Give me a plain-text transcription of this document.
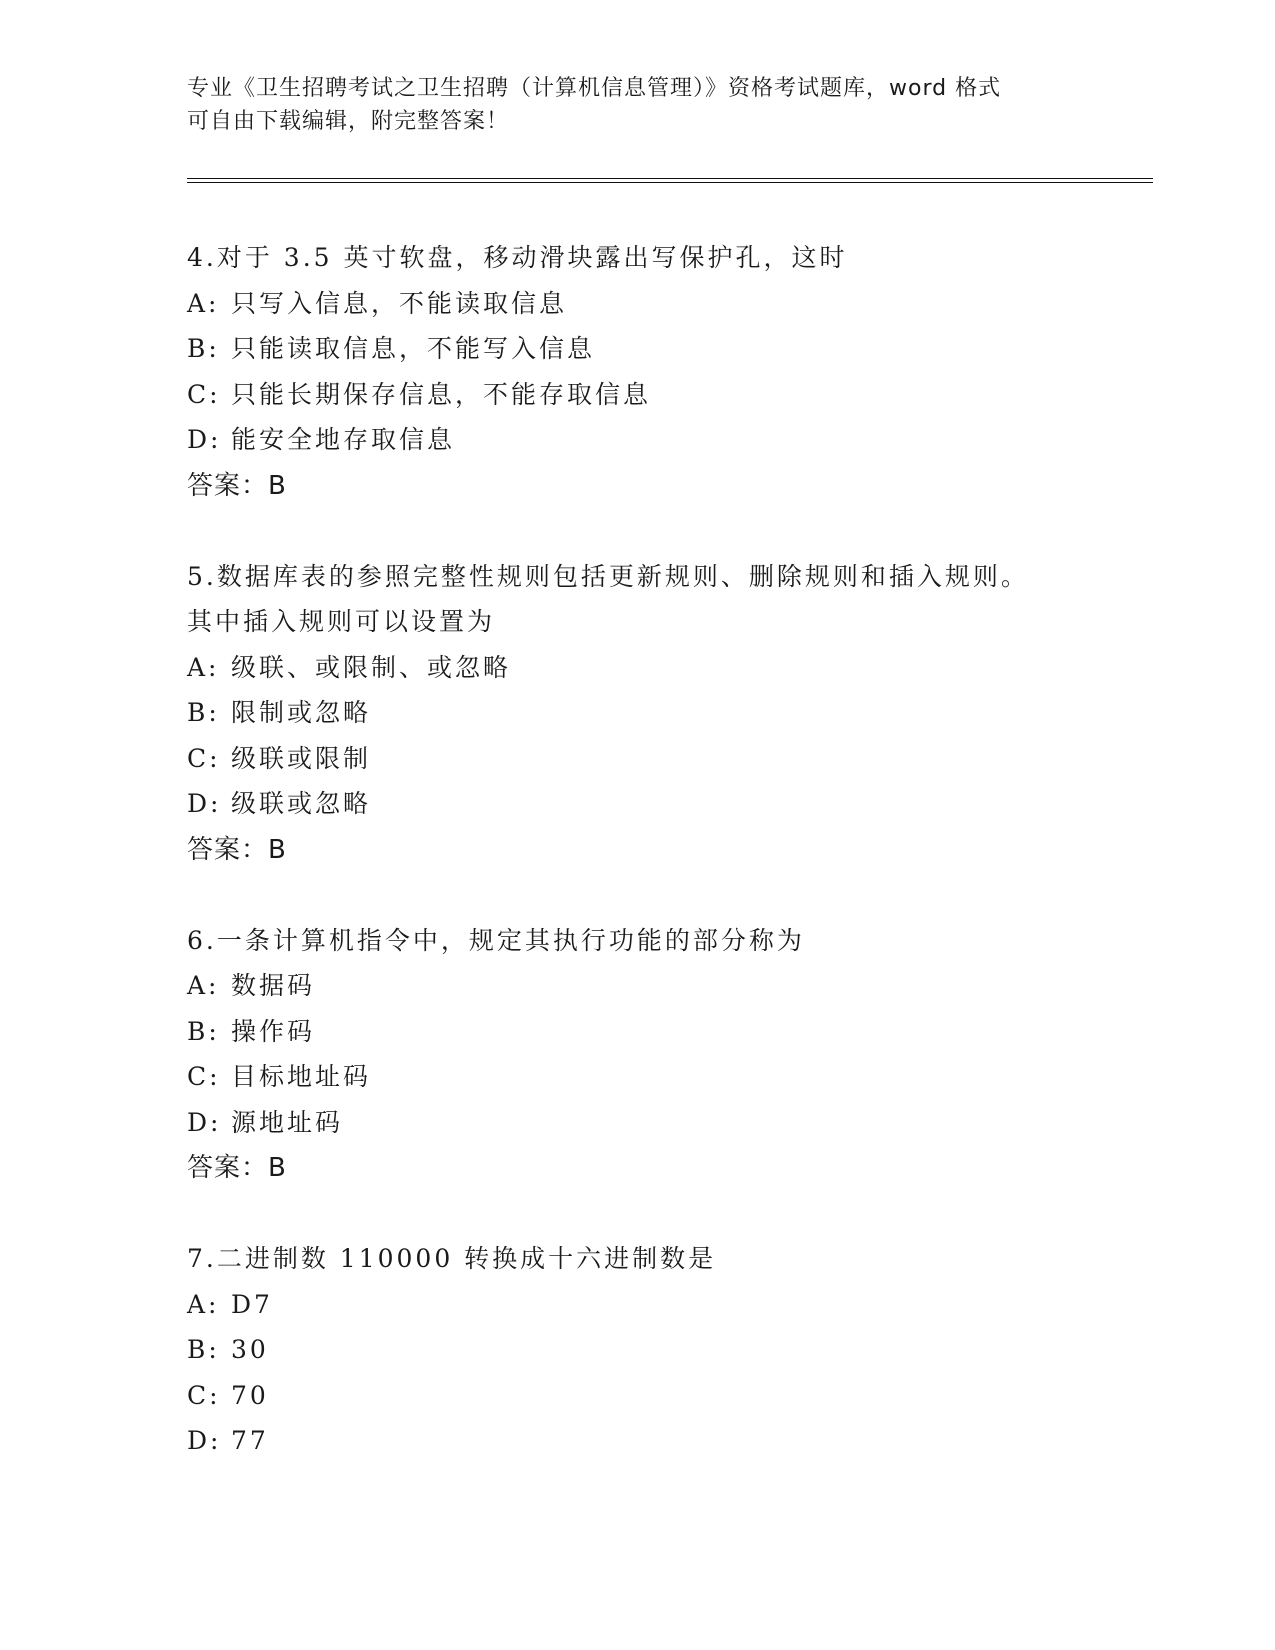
专业《卫生招聘考试之卫生招聘（计算机信息管理）》资格考试题库，word 格式
可自由下载编辑，附完整答案！
4.对于 3.5 英寸软盘，移动滑块露出写保护孔，这时
A: 只写入信息，不能读取信息
B: 只能读取信息，不能写入信息
C: 只能长期保存信息，不能存取信息
D: 能安全地存取信息
答案：B
5.数据库表的参照完整性规则包括更新规则、删除规则和插入规则。
其中插入规则可以设置为
A: 级联、或限制、或忽略
B: 限制或忽略
C: 级联或限制
D: 级联或忽略
答案：B
6.一条计算机指令中，规定其执行功能的部分称为
A: 数据码
B: 操作码
C: 目标地址码
D: 源地址码
答案：B
7.二进制数 110000 转换成十六进制数是
A: D7
B: 30
C: 70
D: 77
